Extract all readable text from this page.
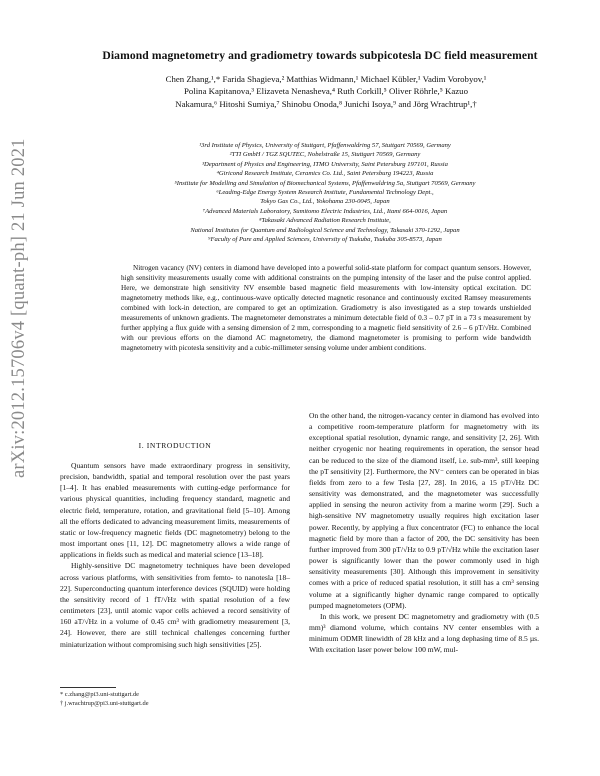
arXiv:2012.15706v4 [quant-ph] 21 Jun 2021
Diamond magnetometry and gradiometry towards subpicotesla DC field measurement
Chen Zhang,¹,* Farida Shagieva,² Matthias Widmann,¹ Michael Kübler,¹ Vadim Vorobyov,¹
Polina Kapitanova,³ Elizaveta Nenasheva,⁴ Ruth Corkill,⁵ Oliver Röhrle,⁵ Kazuo
Nakamura,⁶ Hitoshi Sumiya,⁷ Shinobu Onoda,⁸ Junichi Isoya,⁹ and Jörg Wrachtrup¹,†
¹3rd Institute of Physics, University of Stuttgart, Pfaffenwaldring 57, Stuttgart 70569, Germany
²TTI GmbH / TGZ SQUTEC, Nobelstraße 15, Stuttgart 70569, Germany
³Department of Physics and Engineering, ITMO University, Saint Petersburg 197101, Russia
⁴Giricond Research Institute, Ceramics Co. Ltd., Saint Petersburg 194223, Russia
⁵Institute for Modelling and Simulation of Biomechanical Systems, Pfaffenwaldring 5a, Stuttgart 70569, Germany
⁶Leading-Edge Energy System Research Institute, Fundamental Technology Dept.,
Tokyo Gas Co., Ltd., Yokohama 230-0045, Japan
⁷Advanced Materials Laboratory, Sumitomo Electric Industries, Ltd., Itami 664-0016, Japan
⁸Takasaki Advanced Radiation Research Institute,
National Institutes for Quantum and Radiological Science and Technology, Takasaki 370-1292, Japan
⁹Faculty of Pure and Applied Sciences, University of Tsukuba, Tsukuba 305-8573, Japan
Nitrogen vacancy (NV) centers in diamond have developed into a powerful solid-state platform for compact quantum sensors. However, high sensitivity measurements usually come with additional constraints on the pumping intensity of the laser and the pulse control applied. Here, we demonstrate high sensitivity NV ensemble based magnetic field measurements with low-intensity optical excitation. DC magnetometry methods like, e.g., continuous-wave optically detected magnetic resonance and continuously excited Ramsey measurements combined with lock-in detection, are compared to get an optimization. Gradiometry is also investigated as a step towards unshielded measurements of unknown gradients. The magnetometer demonstrates a minimum detectable field of 0.3 – 0.7 pT in a 73 s measurement by further applying a flux guide with a sensing dimension of 2 mm, corresponding to a magnetic field sensitivity of 2.6 – 6 pT/√Hz. Combined with our previous efforts on the diamond AC magnetometry, the diamond magnetometer is promising to perform wide bandwidth magnetometry with picotesla sensitivity and a cubic-millimeter sensing volume under ambient conditions.
I. INTRODUCTION

Quantum sensors have made extraordinary progress in sensitivity, precision, bandwidth, spatial and temporal resolution over the past years [1–4]. It has enabled measurements with cutting-edge performance for various physical quantities, including frequency standard, magnetic and electric field, temperature, rotation, and gravitational field [5–10]. Among all the efforts dedicated to advancing measurement limits, measurements of static or low-frequency magnetic fields (DC magnetometry) belong to the most important ones [11, 12]. DC magnetometry allows a wide range of applications in fields such as medical and material science [13–18].

Highly-sensitive DC magnetometry techniques have been developed across various platforms, with sensitivities from femto- to nanotesla [18–22]. Superconducting quantum interference devices (SQUID) were holding the sensitivity record of 1 fT/√Hz with spatial resolution of a few centimeters [23], until atomic vapor cells achieved a record sensitivity of 160 aT/√Hz in a volume of 0.45 cm³ with gradiometry measurement [3, 24]. However, there are still technical challenges concerning further miniaturization without compromising such high sensitivities [25].

On the other hand, the nitrogen-vacancy center in diamond has evolved into a competitive room-temperature platform for magnetometry with its exceptional spatial resolution, dynamic range, and sensitivity [2, 26]. With neither cryogenic nor heating requirements in operation, the sensor head can be reduced to the size of the diamond itself, i.e. sub-mm³, still keeping the pT sensitivity [2]. Furthermore, the NV⁻ centers can be operated in bias fields from zero to a few Tesla [27, 28]. In 2016, a 15 pT/√Hz DC sensitivity was demonstrated, and the magnetometer was successfully applied in sensing the neuron activity from a marine worm [29]. Such a high-sensitive NV magnetometry usually requires high excitation laser power. Recently, by applying a flux concentrator (FC) to enhance the local magnetic field by more than a factor of 200, the DC sensitivity has been further improved from 300 pT/√Hz to 0.9 pT/√Hz while the excitation laser power is significantly lower than the power commonly used in high sensitivity measurements [30]. Although this improvement in sensitivity comes with a price of reduced spatial resolution, it still has a cm³ sensing volume at a significantly higher dynamic range compared to optically pumped magnetometers (OPM).

In this work, we present DC magnetometry and gradiometry with (0.5 mm)³ diamond volume, which contains NV center ensembles with a minimum ODMR linewidth of 28 kHz and a long dephasing time of 8.5 µs. With excitation laser power below 100 mW, mul-

* c.zhang@pi3.uni-stuttgart.de
† j.wrachtrup@pi3.uni-stuttgart.de
